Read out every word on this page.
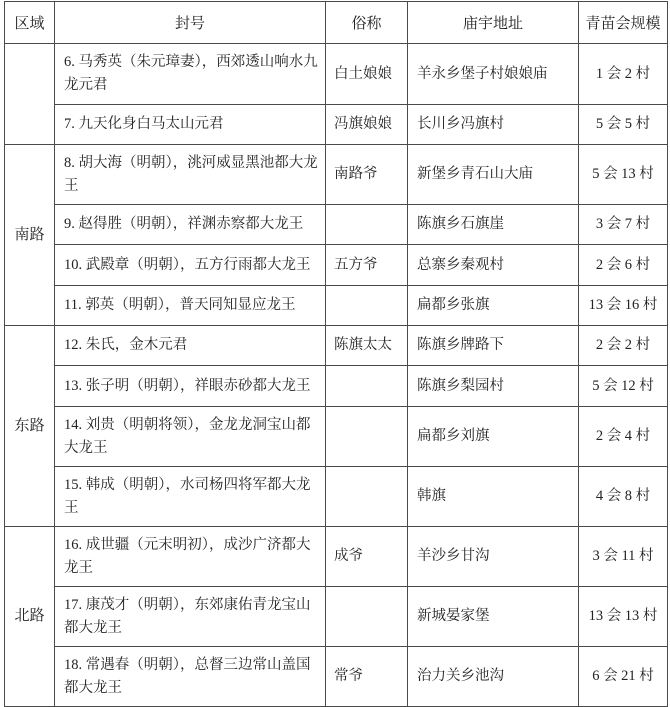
区域	封号	俗称	庙宇地址	青苗会规模
	6. 马秀英（朱元璋妻），西郊透山响水九龙元君	白土娘娘	羊永乡堡子村娘娘庙	1 会 2 村
	7. 九天化身白马太山元君	冯旗娘娘	长川乡冯旗村	5 会 5 村
南路	8. 胡大海（明朝），洮河威显黑池都大龙王	南路爷	新堡乡青石山大庙	5 会 13 村
	9. 赵得胜（明朝），祥渊赤察都大龙王		陈旗乡石旗崖	3 会 7 村
	10. 武殿章（明朝），五方行雨都大龙王	五方爷	总寨乡秦观村	2 会 6 村
	11. 郭英（明朝），普天同知显应龙王		扁都乡张旗	13 会 16 村
东路	12. 朱氏，金木元君	陈旗太太	陈旗乡牌路下	2 会 2 村
	13. 张子明（明朝），祥眼赤砂都大龙王		陈旗乡梨园村	5 会 12 村
	14. 刘贵（明朝将领），金龙龙洞宝山都大龙王		扁都乡刘旗	2 会 4 村
	15. 韩成（明朝），水司杨四将军都大龙王		韩旗	4 会 8 村
北路	16. 成世疆（元末明初），成沙广济都大龙王	成爷	羊沙乡甘沟	3 会 11 村
	17. 康茂才（明朝），东郊康佑青龙宝山都大龙王		新城晏家堡	13 会 13 村
	18. 常遇春（明朝），总督三边常山盖国都大龙王	常爷	治力关乡池沟	6 会 21 村
